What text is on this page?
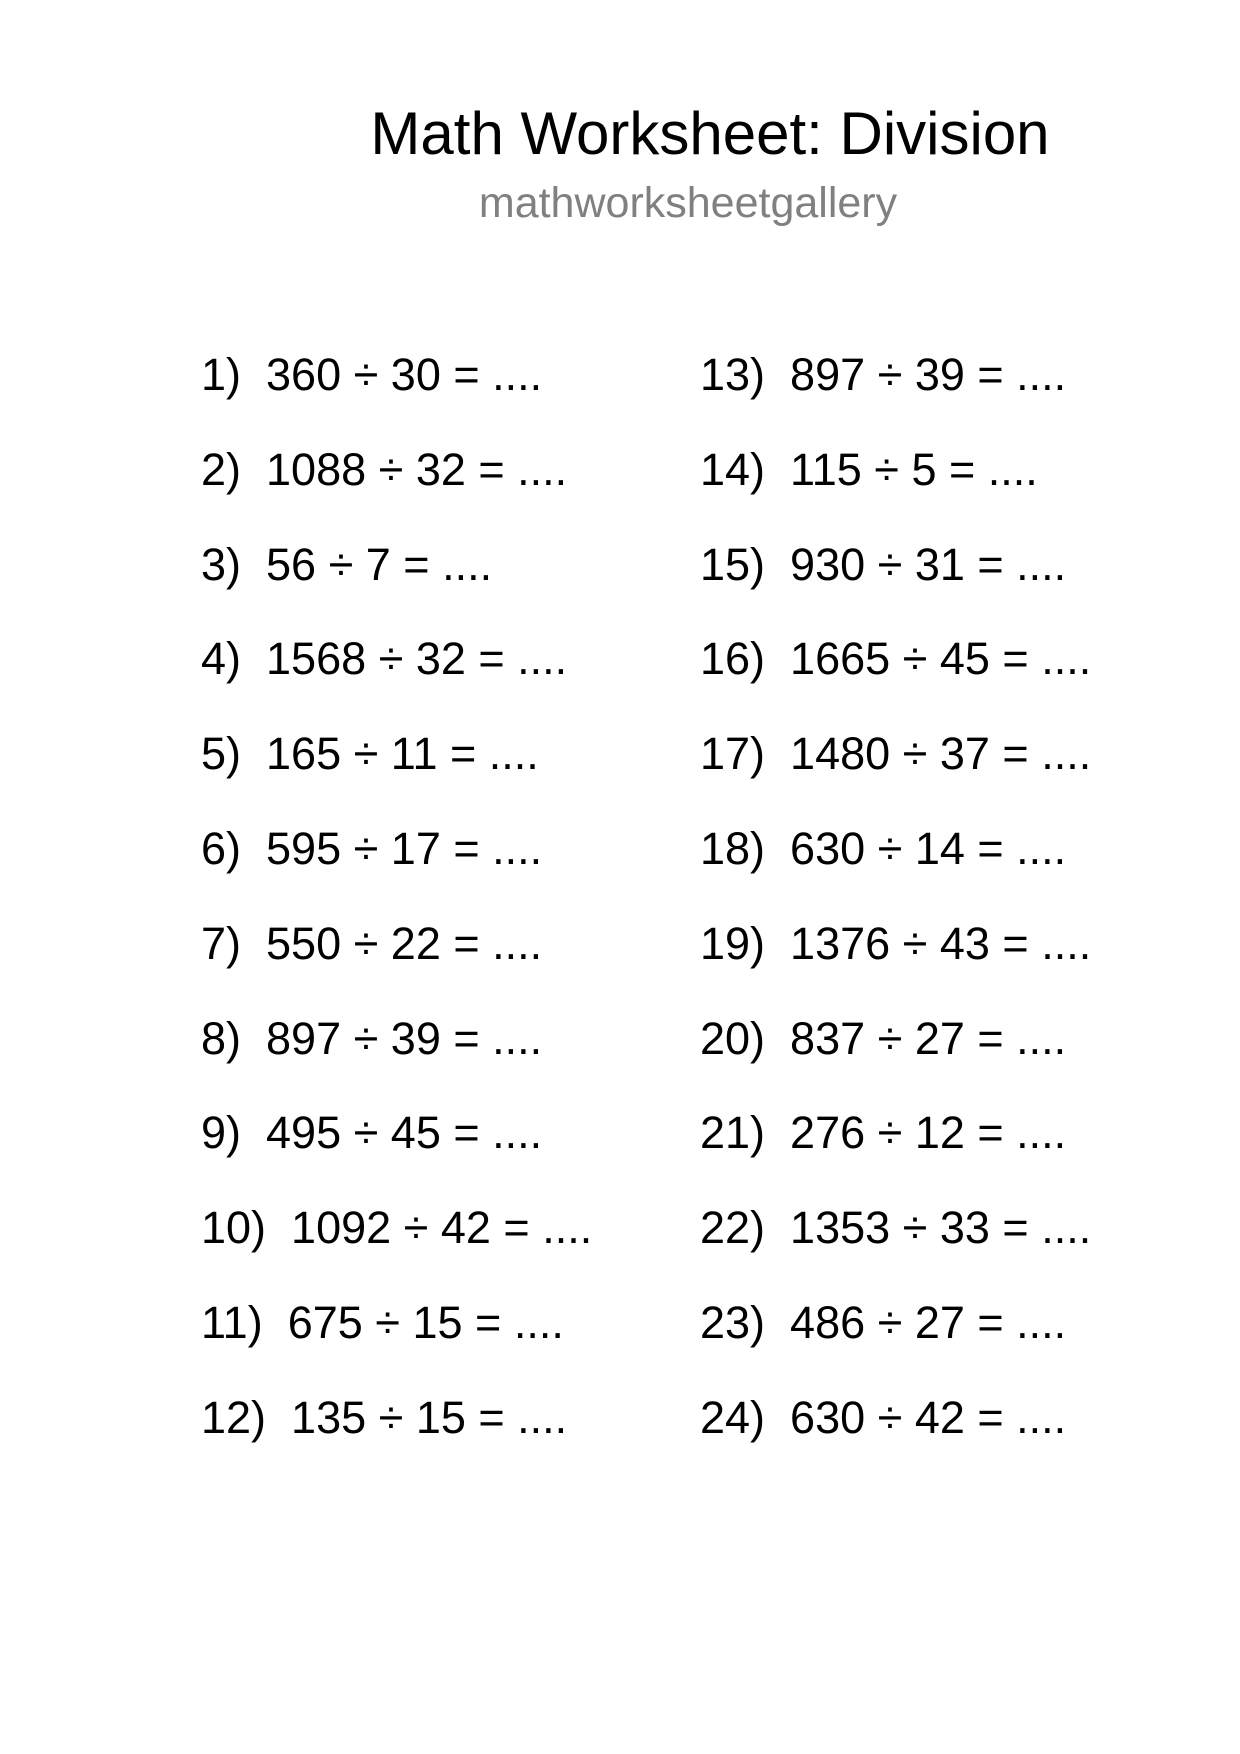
Math Worksheet: Division
mathworksheetgallery
1)  360 ÷ 30 = ....
2)  1088 ÷ 32 = ....
3)  56 ÷ 7 = ....
4)  1568 ÷ 32 = ....
5)  165 ÷ 11 = ....
6)  595 ÷ 17 = ....
7)  550 ÷ 22 = ....
8)  897 ÷ 39 = ....
9)  495 ÷ 45 = ....
10)  1092 ÷ 42 = ....
11)  675 ÷ 15 = ....
12)  135 ÷ 15 = ....
13)  897 ÷ 39 = ....
14)  115 ÷ 5 = ....
15)  930 ÷ 31 = ....
16)  1665 ÷ 45 = ....
17)  1480 ÷ 37 = ....
18)  630 ÷ 14 = ....
19)  1376 ÷ 43 = ....
20)  837 ÷ 27 = ....
21)  276 ÷ 12 = ....
22)  1353 ÷ 33 = ....
23)  486 ÷ 27 = ....
24)  630 ÷ 42 = ....
